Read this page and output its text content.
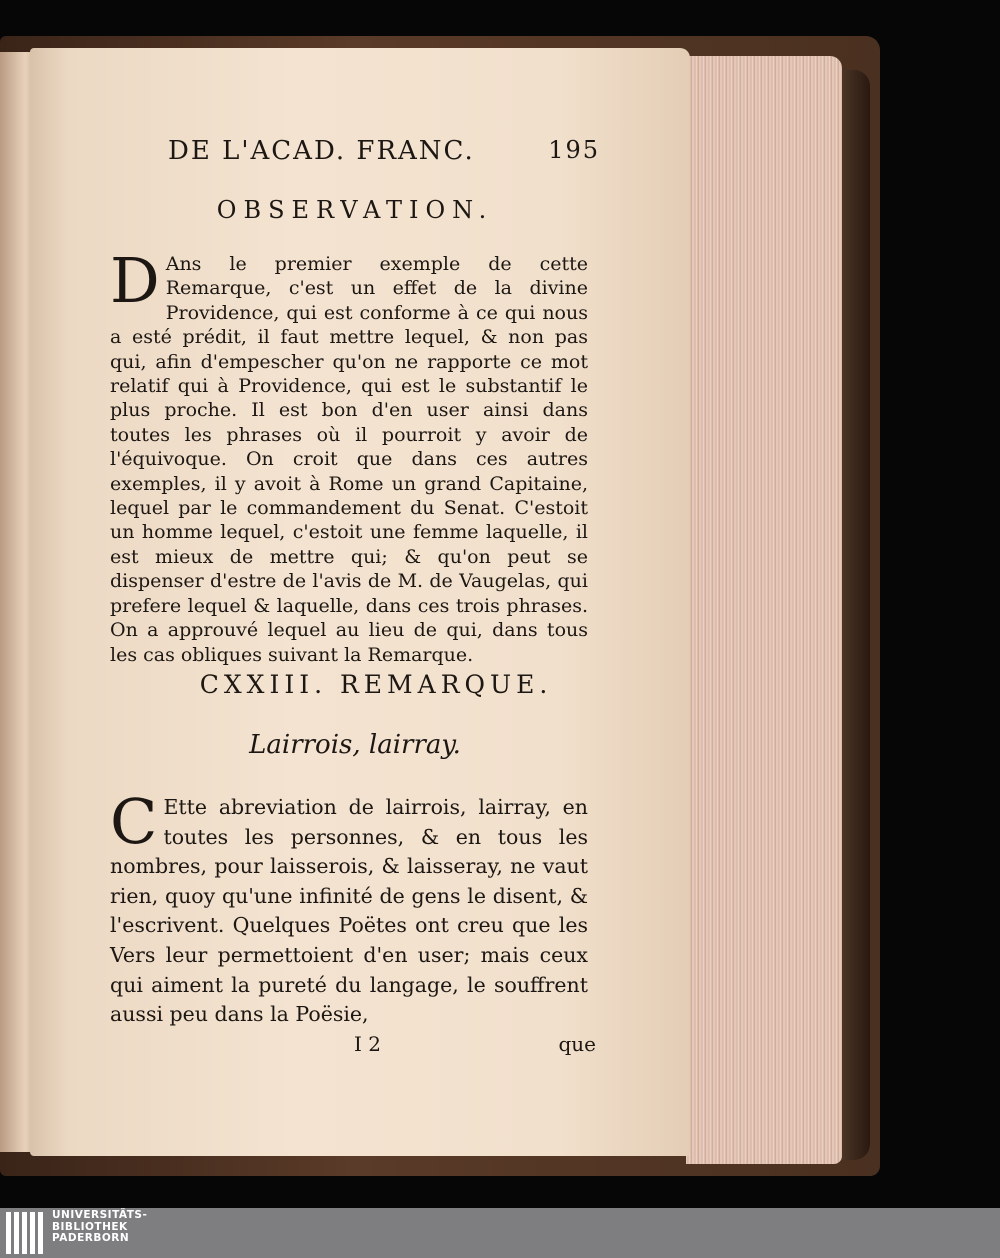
DE L'ACAD. FRANC.	195
OBSERVATION.

D Ans le premier exemple de cette Remarque, c'est un effet de la divine Providence, qui est conforme à ce qui nous a esté prédit, il faut mettre lequel, & non pas qui, afin d'empescher qu'on ne rapporte ce mot relatif qui à Providence, qui est le substantif le plus proche. Il est bon d'en user ainsi dans toutes les phrases où il pourroit y avoir de l'équivoque. On croit que dans ces autres exemples, il y avoit à Rome un grand Capitaine, lequel par le commandement du Senat. C'estoit un homme lequel, c'estoit une femme laquelle, il est mieux de mettre qui; & qu'on peut se dispenser d'estre de l'avis de M. de Vaugelas, qui prefere lequel & laquelle, dans ces trois phrases. On a approuvé lequel au lieu de qui, dans tous les cas obliques suivant la Remarque.

CXXIII. REMARQUE.
Lairrois, lairray.

C Ette abreviation de lairrois, lairray, en toutes les personnes, & en tous les nombres, pour laisserois, & laisseray, ne vaut rien, quoy qu'une infinité de gens le disent, & l'escrivent. Quelques Poëtes ont creu que les Vers leur permettoient d'en user; mais ceux qui aiment la pureté du langage, le souffrent aussi peu dans la Poësie,

I 2	que
UNIVERSITÄTS-
BIBLIOTHEK
PADERBORN
